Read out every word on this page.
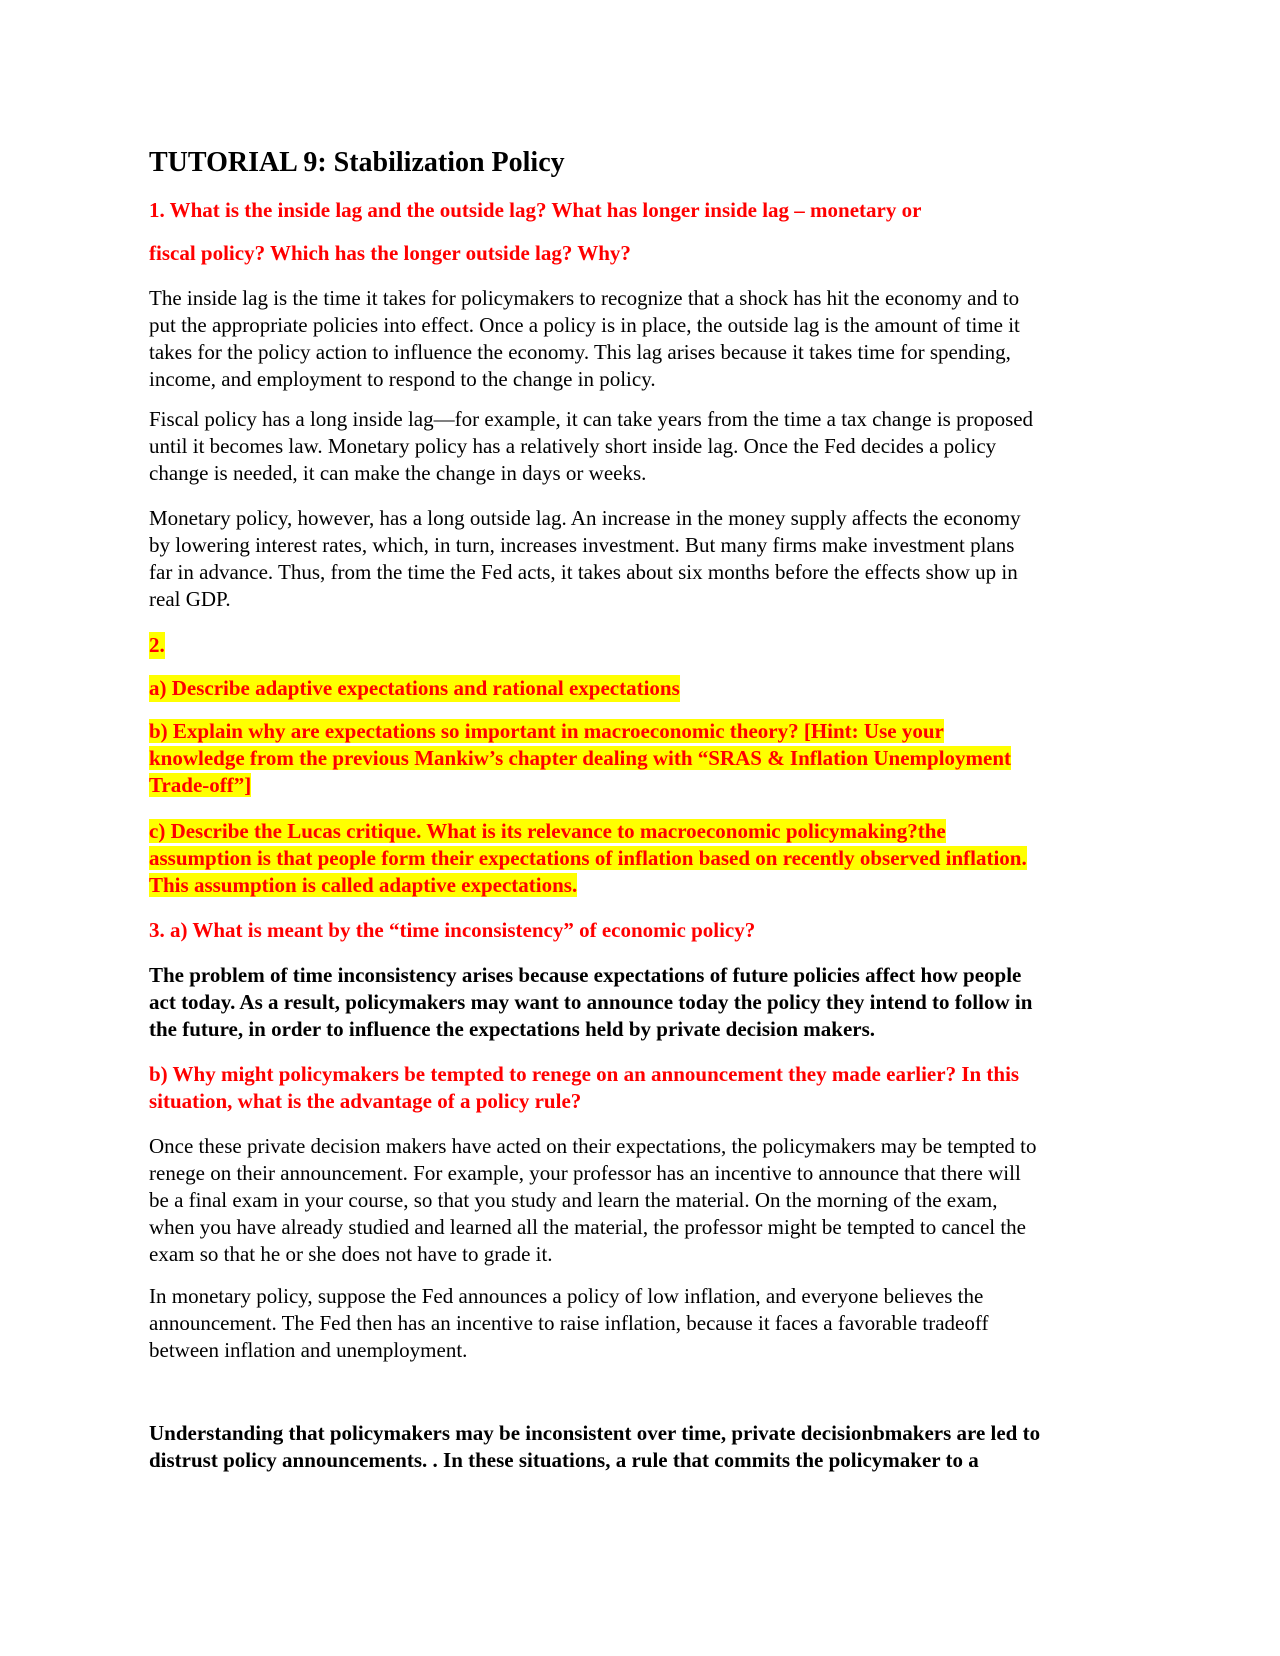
TUTORIAL 9: Stabilization Policy
1. What is the inside lag and the outside lag? What has longer inside lag – monetary or
fiscal policy? Which has the longer outside lag? Why?
The inside lag is the time it takes for policymakers to recognize that a shock has hit the economy and to
put the appropriate policies into effect. Once a policy is in place, the outside lag is the amount of time it
takes for the policy action to influence the economy. This lag arises because it takes time for spending,
income, and employment to respond to the change in policy.
Fiscal policy has a long inside lag—for example, it can take years from the time a tax change is proposed
until it becomes law. Monetary policy has a relatively short inside lag. Once the Fed decides a policy
change is needed, it can make the change in days or weeks.
Monetary policy, however, has a long outside lag. An increase in the money supply affects the economy
by lowering interest rates, which, in turn, increases investment. But many firms make investment plans
far in advance. Thus, from the time the Fed acts, it takes about six months before the effects show up in
real GDP.
2.
a) Describe adaptive expectations and rational expectations
b) Explain why are expectations so important in macroeconomic theory? [Hint: Use your
knowledge from the previous Mankiw’s chapter dealing with “SRAS & Inflation Unemployment
Trade-off”]
c) Describe the Lucas critique. What is its relevance to macroeconomic policymaking?the
assumption is that people form their expectations of inflation based on recently observed inflation.
This assumption is called adaptive expectations.
3. a) What is meant by the “time inconsistency” of economic policy?
The problem of time inconsistency arises because expectations of future policies affect how people
act today. As a result, policymakers may want to announce today the policy they intend to follow in
the future, in order to influence the expectations held by private decision makers.
b) Why might policymakers be tempted to renege on an announcement they made earlier? In this
situation, what is the advantage of a policy rule?
Once these private decision makers have acted on their expectations, the policymakers may be tempted to
renege on their announcement. For example, your professor has an incentive to announce that there will
be a final exam in your course, so that you study and learn the material. On the morning of the exam,
when you have already studied and learned all the material, the professor might be tempted to cancel the
exam so that he or she does not have to grade it.
In monetary policy, suppose the Fed announces a policy of low inflation, and everyone believes the
announcement. The Fed then has an incentive to raise inflation, because it faces a favorable tradeoff
between inflation and unemployment.
Understanding that policymakers may be inconsistent over time, private decisionbmakers are led to
distrust policy announcements. . In these situations, a rule that commits the policymaker to a
